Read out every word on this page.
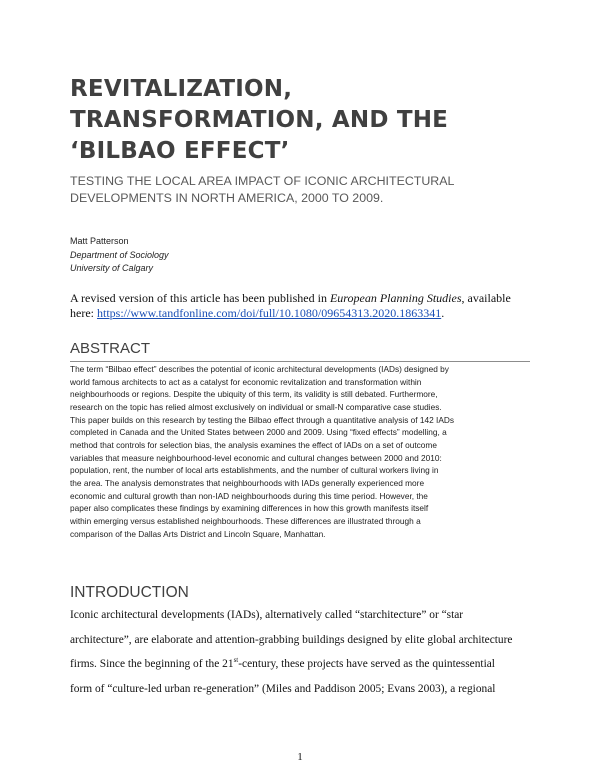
REVITALIZATION,
TRANSFORMATION, AND THE
‘BILBAO EFFECT’
TESTING THE LOCAL AREA IMPACT OF ICONIC ARCHITECTURAL
DEVELOPMENTS IN NORTH AMERICA, 2000 TO 2009.
Matt Patterson
Department of Sociology
University of Calgary
A revised version of this article has been published in European Planning Studies, available
here: https://www.tandfonline.com/doi/full/10.1080/09654313.2020.1863341.
ABSTRACT
The term “Bilbao effect” describes the potential of iconic architectural developments (IADs) designed by
world famous architects to act as a catalyst for economic revitalization and transformation within
neighbourhoods or regions. Despite the ubiquity of this term, its validity is still debated. Furthermore,
research on the topic has relied almost exclusively on individual or small-N comparative case studies.
This paper builds on this research by testing the Bilbao effect through a quantitative analysis of 142 IADs
completed in Canada and the United States between 2000 and 2009. Using “fixed effects” modelling, a
method that controls for selection bias, the analysis examines the effect of IADs on a set of outcome
variables that measure neighbourhood-level economic and cultural changes between 2000 and 2010:
population, rent, the number of local arts establishments, and the number of cultural workers living in
the area. The analysis demonstrates that neighbourhoods with IADs generally experienced more
economic and cultural growth than non-IAD neighbourhoods during this time period. However, the
paper also complicates these findings by examining differences in how this growth manifests itself
within emerging versus established neighbourhoods. These differences are illustrated through a
comparison of the Dallas Arts District and Lincoln Square, Manhattan.
INTRODUCTION
Iconic architectural developments (IADs), alternatively called “starchitecture” or “star
architecture”, are elaborate and attention-grabbing buildings designed by elite global architecture
firms. Since the beginning of the 21st-century, these projects have served as the quintessential
form of “culture-led urban re-generation” (Miles and Paddison 2005; Evans 2003), a regional
1
